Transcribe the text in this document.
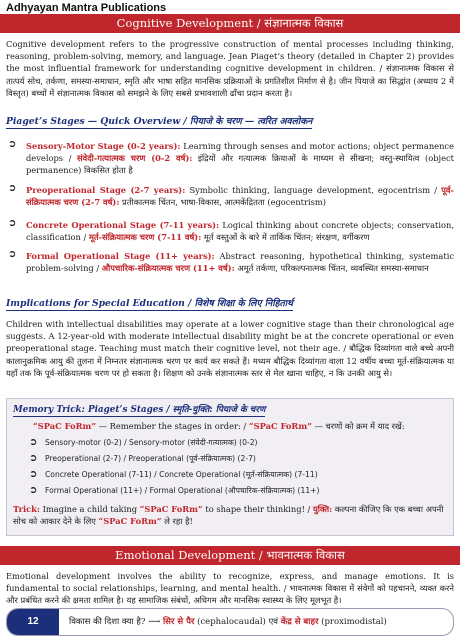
Adhyayan Mantra Publications
Cognitive Development / संज्ञानात्मक विकास

Cognitive development refers to the progressive construction of mental processes including thinking, reasoning, problem-solving, memory, and language. Jean Piaget’s theory (detailed in Chapter 2) provides the most influential framework for understanding cognitive development in children. / संज्ञानात्मक विकास से तात्पर्य सोच, तर्कणा, समस्या-समाधान, स्मृति और भाषा सहित मानसिक प्रक्रियाओं के प्रगतिशील निर्माण से है। जीन पियाजे का सिद्धांत (अध्याय 2 में विस्तृत) बच्चों में संज्ञानात्मक विकास को समझने के लिए सबसे प्रभावशाली ढाँचा प्रदान करता है।

Piaget’s Stages — Quick Overview / पियाजे के चरण — त्वरित अवलोकन

➲ Sensory-Motor Stage (0-2 years): Learning through senses and motor actions; object permanence develops / संवेदी-गत्यात्मक चरण (0-2 वर्ष): इंद्रियों और गत्यात्मक क्रियाओं के माध्यम से सीखना; वस्तु-स्थायित्व (object permanence) विकसित होता है

➲ Preoperational Stage (2-7 years): Symbolic thinking, language development, egocentrism / पूर्व-संक्रियात्मक चरण (2-7 वर्ष): प्रतीकात्मक चिंतन, भाषा-विकास, आत्मकेंद्रितता (egocentrism)

➲ Concrete Operational Stage (7-11 years): Logical thinking about concrete objects; conservation, classification / मूर्त-संक्रियात्मक चरण (7-11 वर्ष): मूर्त वस्तुओं के बारे में तार्किक चिंतन; संरक्षण, वर्गीकरण

➲ Formal Operational Stage (11+ years): Abstract reasoning, hypothetical thinking, systematic problem-solving / औपचारिक-संक्रियात्मक चरण (11+ वर्ष): अमूर्त तर्कणा, परिकल्पनात्मक चिंतन, व्यवस्थित समस्या-समाधान

Implications for Special Education / विशेष शिक्षा के लिए निहितार्थ

Children with intellectual disabilities may operate at a lower cognitive stage than their chronological age suggests. A 12-year-old with moderate intellectual disability might be at the concrete operational or even preoperational stage. Teaching must match their cognitive level, not their age. / बौद्धिक दिव्यांगता वाले बच्चे अपनी कालानुक्रमिक आयु की तुलना में निम्नतर संज्ञानात्मक चरण पर कार्य कर सकते हैं। मध्यम बौद्धिक दिव्यांगता वाला 12 वर्षीय बच्चा मूर्त-संक्रियात्मक या यहाँ तक कि पूर्व-संक्रियात्मक चरण पर हो सकता है। शिक्षण को उनके संज्ञानात्मक स्तर से मेल खाना चाहिए, न कि उनकी आयु से।

Memory Trick: Piaget’s Stages / स्मृति-युक्ति: पियाजे के चरण
“SPaC FoRm” — Remember the stages in order: / “SPaC FoRm” — चरणों को क्रम में याद रखें:
➲ Sensory-motor (0-2) / Sensory-motor (संवेदी-गत्यात्मक) (0-2)
➲ Preoperational (2-7) / Preoperational (पूर्व-संक्रियात्मक) (2-7)
➲ Concrete Operational (7-11) / Concrete Operational (मूर्त-संक्रियात्मक) (7-11)
➲ Formal Operational (11+) / Formal Operational (औपचारिक-संक्रियात्मक) (11+)

Trick: Imagine a child taking “SPaC FoRm” to shape their thinking! / युक्ति: कल्पना कीजिए कि एक बच्चा अपनी सोच को आकार देने के लिए “SPaC FoRm” ले रहा है!

Emotional Development / भावनात्मक विकास

Emotional development involves the ability to recognize, express, and manage emotions. It is fundamental to social relationships, learning, and mental health. / भावनात्मक विकास में संवेगों को पहचानने, व्यक्त करने और प्रबंधित करने की क्षमता शामिल है। यह सामाजिक संबंधों, अधिगम और मानसिक स्वास्थ्य के लिए मूलभूत है।

12	विकास की दिशा क्या है? ⟶ सिर से पैर (cephalocaudal) एवं केंद्र से बाहर (proximodistal)
